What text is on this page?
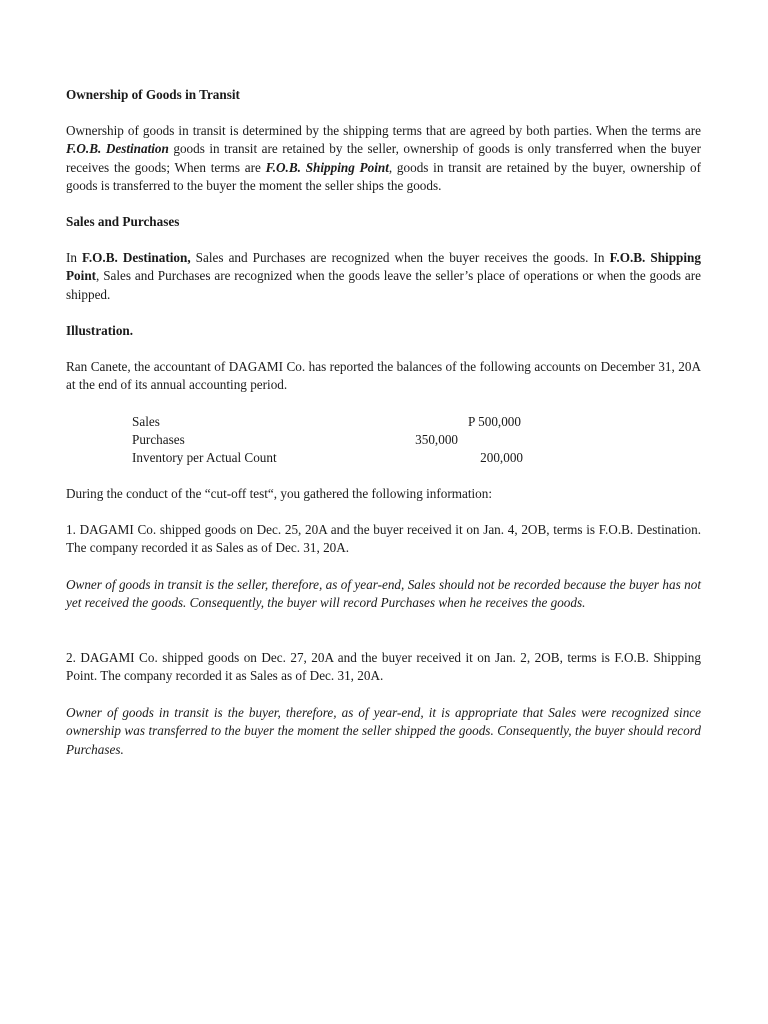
Ownership of Goods in Transit

Ownership of goods in transit is determined by the shipping terms that are agreed by both parties. When the terms are F.O.B. Destination goods in transit are retained by the seller, ownership of goods is only transferred when the buyer receives the goods; When terms are F.O.B. Shipping Point, goods in transit are retained by the buyer, ownership of goods is transferred to the buyer the moment the seller ships the goods.

Sales and Purchases

In F.O.B. Destination, Sales and Purchases are recognized when the buyer receives the goods. In F.O.B. Shipping Point, Sales and Purchases are recognized when the goods leave the seller’s place of operations or when the goods are shipped.

Illustration.

Ran Canete, the accountant of DAGAMI Co. has reported the balances of the following accounts on December 31, 20A at the end of its annual accounting period.

Sales	P 500,000
Purchases	350,000
Inventory per Actual Count	200,000

During the conduct of the “cut-off test“, you gathered the following information:

1. DAGAMI Co. shipped goods on Dec. 25, 20A and the buyer received it on Jan. 4, 2OB, terms is F.O.B. Destination. The company recorded it as Sales as of Dec. 31, 20A.

Owner of goods in transit is the seller, therefore, as of year-end, Sales should not be recorded because the buyer has not yet received the goods. Consequently, the buyer will record Purchases when he receives the goods.

2. DAGAMI Co. shipped goods on Dec. 27, 20A and the buyer received it on Jan. 2, 2OB, terms is F.O.B. Shipping Point. The company recorded it as Sales as of Dec. 31, 20A.

Owner of goods in transit is the buyer, therefore, as of year-end, it is appropriate that Sales were recognized since ownership was transferred to the buyer the moment the seller shipped the goods. Consequently, the buyer should record Purchases.
